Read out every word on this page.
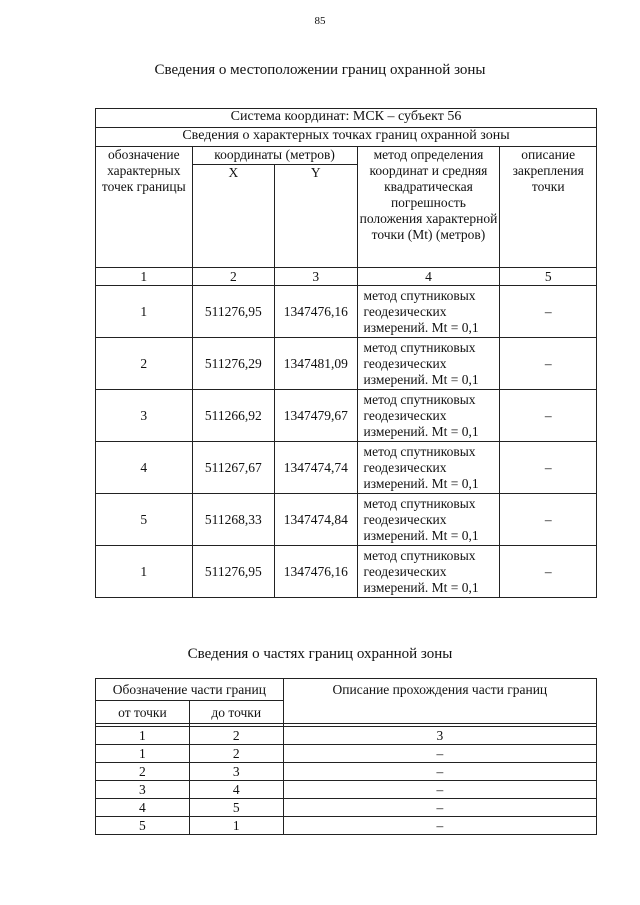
85
Сведения о местоположении границ охранной зоны
Система координат: МСК – субъект 56				
Сведения о характерных точках границ охранной зоны				
обозначение характерных точек границы	координаты (метров)		метод определения координат и средняя квадратическая погрешность положения характерной точки (Mt) (метров)	описание закрепления точки
	X	Y		
1	2	3	4	5
1	511276,95	1347476,16	метод спутниковых геодезических измерений. Mt = 0,1	–
2	511276,29	1347481,09	метод спутниковых геодезических измерений. Mt = 0,1	–
3	511266,92	1347479,67	метод спутниковых геодезических измерений. Mt = 0,1	–
4	511267,67	1347474,74	метод спутниковых геодезических измерений. Mt = 0,1	–
5	511268,33	1347474,84	метод спутниковых геодезических измерений. Mt = 0,1	–
1	511276,95	1347476,16	метод спутниковых геодезических измерений. Mt = 0,1	–
Сведения о частях границ охранной зоны
Обозначение части границ		Описание прохождения части границ
от точки	до точки	

1	2	3
1	2	–
2	3	–
3	4	–
4	5	–
5	1	–
